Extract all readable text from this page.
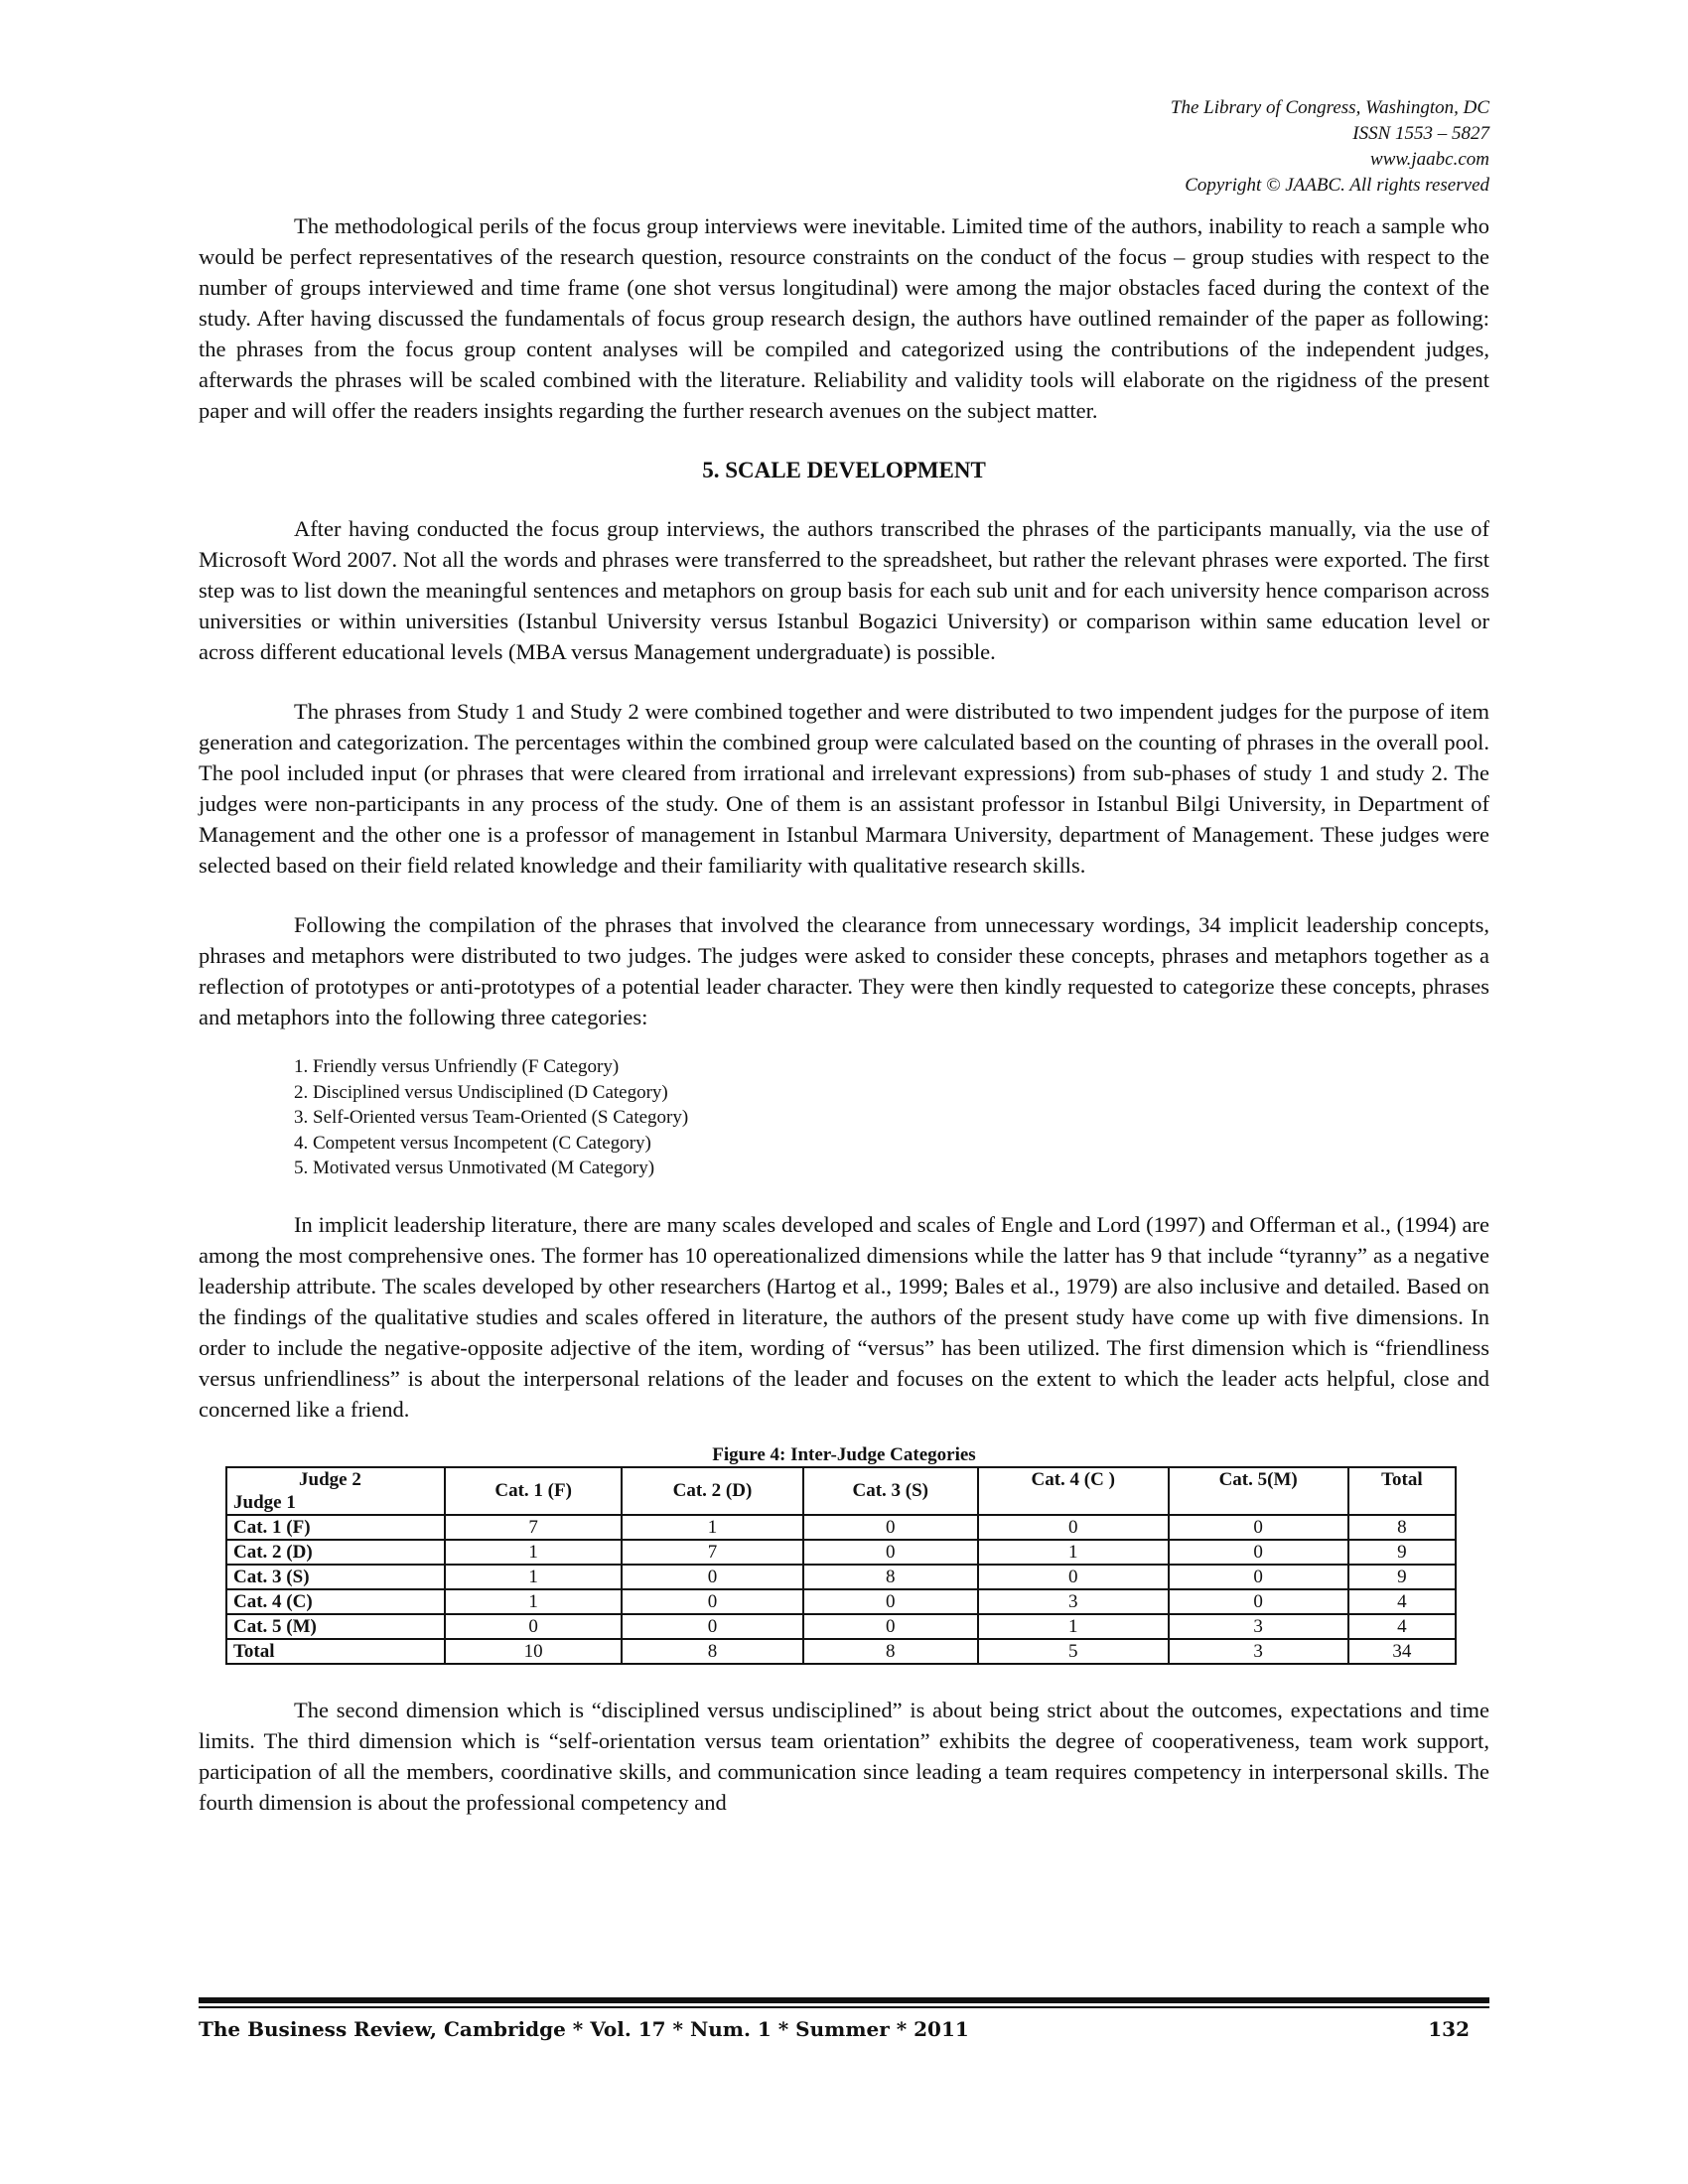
The Library of Congress, Washington, DC
ISSN 1553 – 5827
www.jaabc.com
Copyright © JAABC. All rights reserved

The methodological perils of the focus group interviews were inevitable. Limited time of the authors, inability to reach a sample who would be perfect representatives of the research question, resource constraints on the conduct of the focus – group studies with respect to the number of groups interviewed and time frame (one shot versus longitudinal) were among the major obstacles faced during the context of the study. After having discussed the fundamentals of focus group research design, the authors have outlined remainder of the paper as following: the phrases from the focus group content analyses will be compiled and categorized using the contributions of the independent judges, afterwards the phrases will be scaled combined with the literature. Reliability and validity tools will elaborate on the rigidness of the present paper and will offer the readers insights regarding the further research avenues on the subject matter.

5. SCALE DEVELOPMENT

After having conducted the focus group interviews, the authors transcribed the phrases of the participants manually, via the use of Microsoft Word 2007. Not all the words and phrases were transferred to the spreadsheet, but rather the relevant phrases were exported. The first step was to list down the meaningful sentences and metaphors on group basis for each sub unit and for each university hence comparison across universities or within universities (Istanbul University versus Istanbul Bogazici University) or comparison within same education level or across different educational levels (MBA versus Management undergraduate) is possible.

The phrases from Study 1 and Study 2 were combined together and were distributed to two impendent judges for the purpose of item generation and categorization. The percentages within the combined group were calculated based on the counting of phrases in the overall pool. The pool included input (or phrases that were cleared from irrational and irrelevant expressions) from sub-phases of study 1 and study 2. The judges were non-participants in any process of the study. One of them is an assistant professor in Istanbul Bilgi University, in Department of Management and the other one is a professor of management in Istanbul Marmara University, department of Management. These judges were selected based on their field related knowledge and their familiarity with qualitative research skills.

Following the compilation of the phrases that involved the clearance from unnecessary wordings, 34 implicit leadership concepts, phrases and metaphors were distributed to two judges. The judges were asked to consider these concepts, phrases and metaphors together as a reflection of prototypes or anti-prototypes of a potential leader character. They were then kindly requested to categorize these concepts, phrases and metaphors into the following three categories:

1. Friendly versus Unfriendly (F Category)
2. Disciplined versus Undisciplined (D Category)
3. Self-Oriented versus Team-Oriented (S Category)
4. Competent versus Incompetent (C Category)
5. Motivated versus Unmotivated (M Category)

In implicit leadership literature, there are many scales developed and scales of Engle and Lord (1997) and Offerman et al., (1994) are among the most comprehensive ones. The former has 10 opereationalized dimensions while the latter has 9 that include “tyranny” as a negative leadership attribute. The scales developed by other researchers (Hartog et al., 1999; Bales et al., 1979) are also inclusive and detailed. Based on the findings of the qualitative studies and scales offered in literature, the authors of the present study have come up with five dimensions. In order to include the negative-opposite adjective of the item, wording of “versus” has been utilized. The first dimension which is “friendliness versus unfriendliness” is about the interpersonal relations of the leader and focuses on the extent to which the leader acts helpful, close and concerned like a friend.

Figure 4: Inter-Judge Categories
Judge 2
Judge 1	Cat. 1 (F)	Cat. 2 (D)	Cat. 3 (S)	Cat. 4 (C )	Cat. 5(M)	Total
Cat. 1 (F)	7	1	0	0	0	8
Cat. 2 (D)	1	7	0	1	0	9
Cat. 3 (S)	1	0	8	0	0	9
Cat. 4 (C)	1	0	0	3	0	4
Cat. 5 (M)	0	0	0	1	3	4
Total	10	8	8	5	3	34

The second dimension which is “disciplined versus undisciplined” is about being strict about the outcomes, expectations and time limits. The third dimension which is “self-orientation versus team orientation” exhibits the degree of cooperativeness, team work support, participation of all the members, coordinative skills, and communication since leading a team requires competency in interpersonal skills. The fourth dimension is about the professional competency and

The Business Review, Cambridge * Vol. 17 * Num. 1 * Summer * 2011	132
